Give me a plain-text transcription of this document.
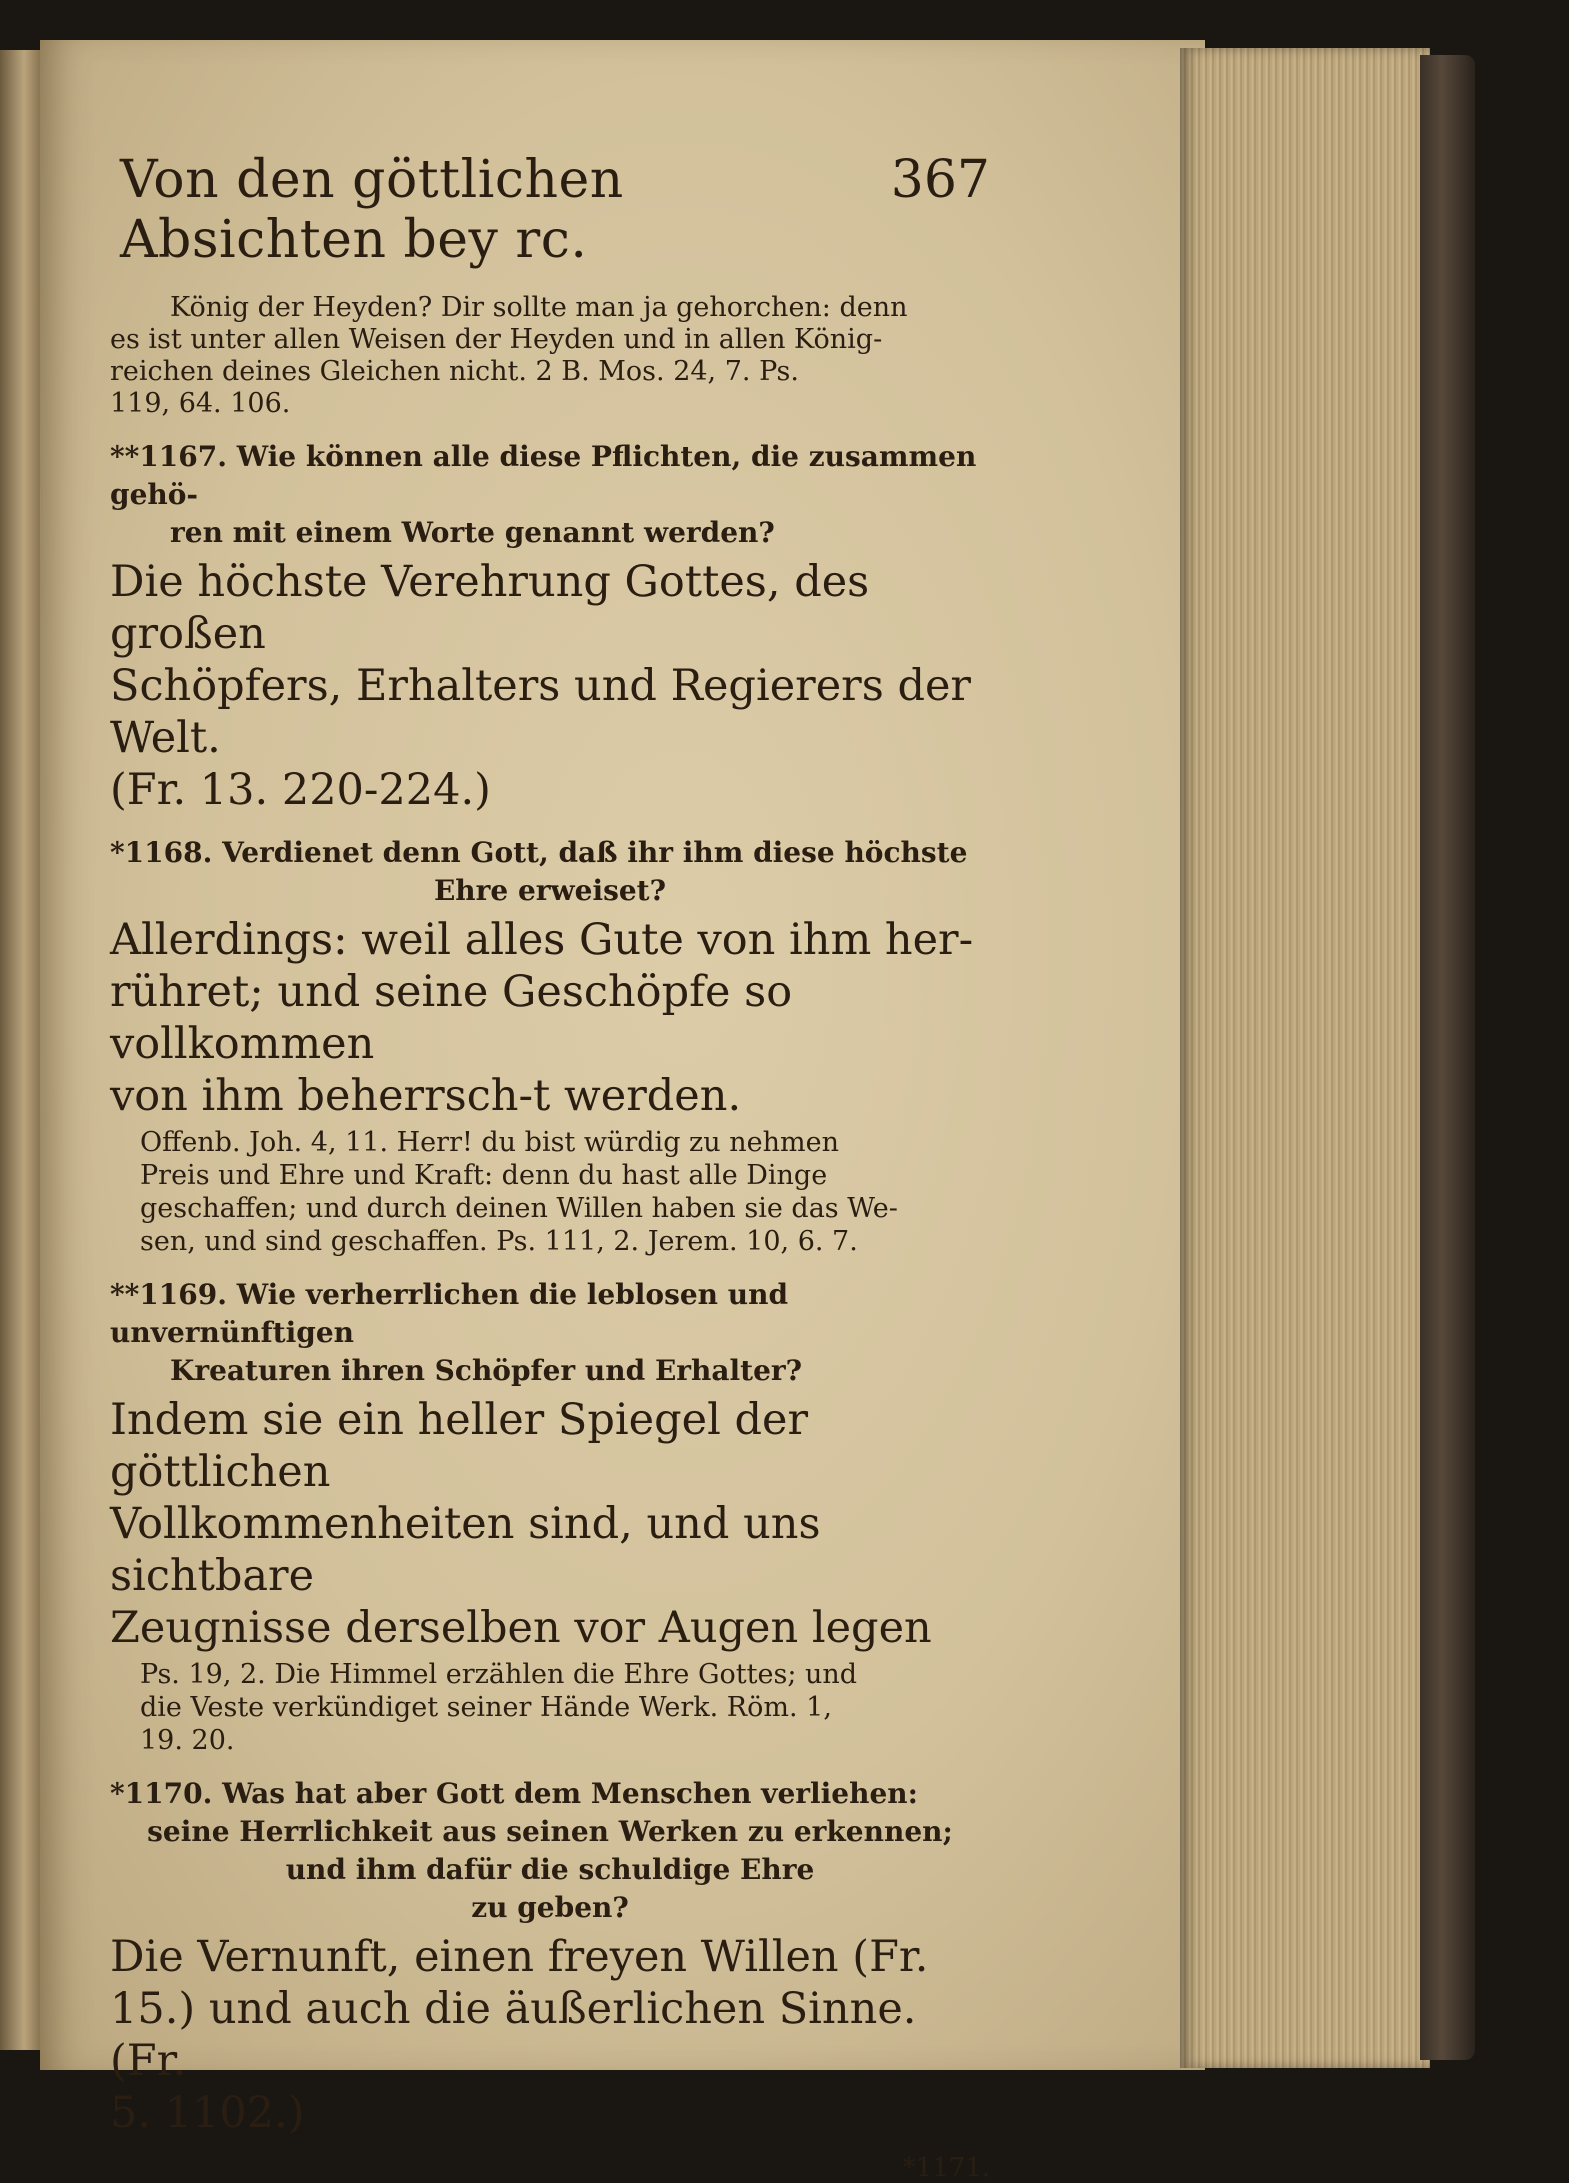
Von den göttlichen Absichten bey rc.
367

König der Heyden? Dir sollte man ja gehorchen: denn

es ist unter allen Weisen der Heyden und in allen König-

reichen deines Gleichen nicht. 2 B. Mos. 24, 7. Ps.

119, 64. 106.

**1167. Wie können alle diese Pflichten, die zusammen gehö-

ren mit einem Worte genannt werden?

Die höchste Verehrung Gottes, des großen

Schöpfers, Erhalters und Regierers der Welt.

(Fr. 13. 220-224.)

*1168. Verdienet denn Gott, daß ihr ihm diese höchste

Ehre erweiset?

Allerdings: weil alles Gute von ihm her-

rühret; und seine Geschöpfe so vollkommen

von ihm beherrsch-t werden.

Offenb. Joh. 4, 11. Herr! du bist würdig zu nehmen

Preis und Ehre und Kraft: denn du hast alle Dinge

geschaffen; und durch deinen Willen haben sie das We-

sen, und sind geschaffen. Ps. 111, 2. Jerem. 10, 6. 7.

**1169. Wie verherrlichen die leblosen und unvernünftigen

Kreaturen ihren Schöpfer und Erhalter?

Indem sie ein heller Spiegel der göttlichen

Vollkommenheiten sind, und uns sichtbare

Zeugnisse derselben vor Augen legen

Ps. 19, 2. Die Himmel erzählen die Ehre Gottes; und

die Veste verkündiget seiner Hände Werk. Röm. 1,

19. 20.

*1170. Was hat aber Gott dem Menschen verliehen:

seine Herrlichkeit aus seinen Werken zu erkennen;

und ihm dafür die schuldige Ehre

zu geben?

Die Vernunft, einen freyen Willen (Fr.

15.) und auch die äußerlichen Sinne. (Fr.

5. 1102.)

*1171.
